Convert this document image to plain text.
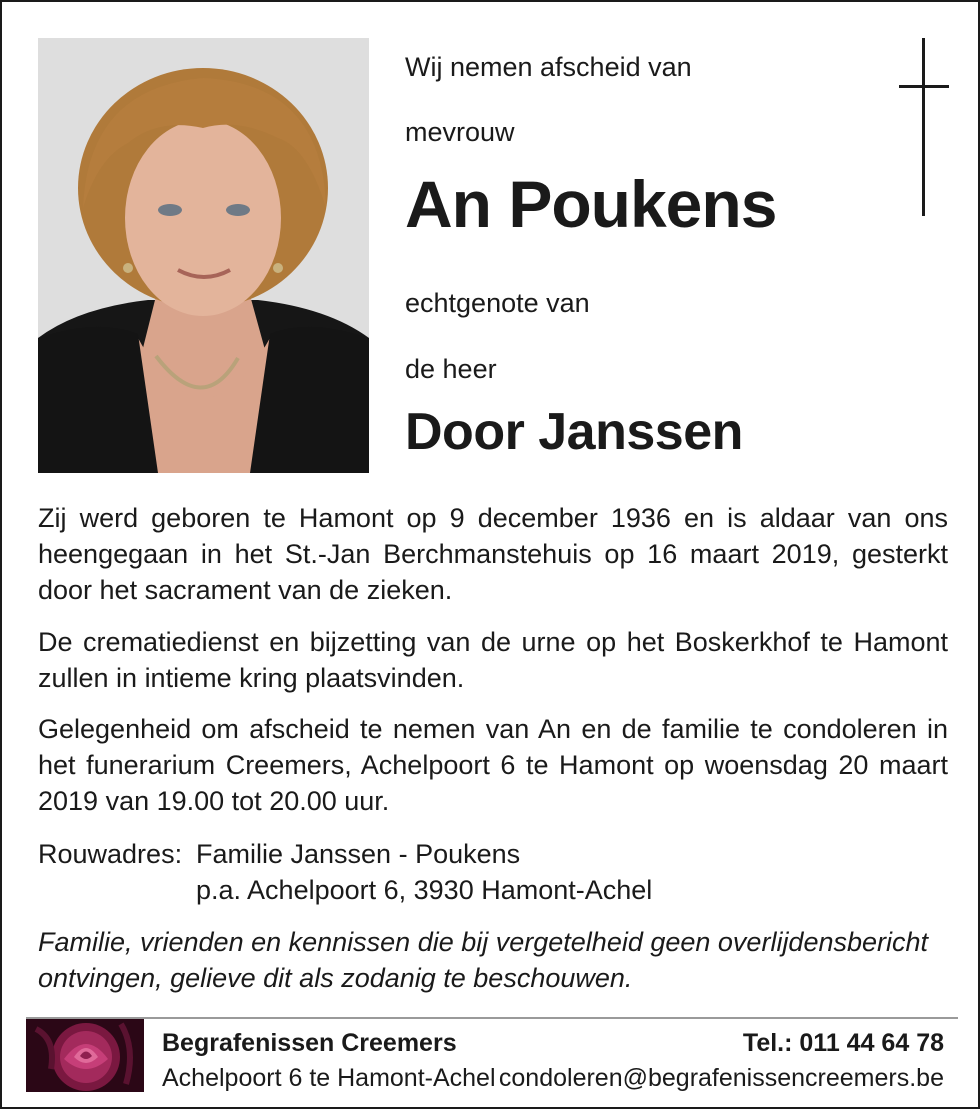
Wij nemen afscheid van
mevrouw
An Poukens
echtgenote van
de heer
Door Janssen
Zij werd geboren te Hamont op 9 december 1936 en is aldaar van ons heengegaan in het St.-Jan Berchmanstehuis op 16 maart 2019, gesterkt door het sacrament van de zieken.
De crematiedienst en bijzetting van de urne op het Boskerkhof te Hamont zullen in intieme kring plaatsvinden.
Gelegenheid om afscheid te nemen van An en de familie te condoleren in het funerarium Creemers, Achelpoort 6 te Hamont op woensdag 20 maart 2019 van 19.00 tot 20.00 uur.
Rouwadres: Familie Janssen - Poukens
p.a. Achelpoort 6, 3930 Hamont-Achel
Familie, vrienden en kennissen die bij vergetelheid geen overlijdensbericht ontvingen, gelieve dit als zodanig te beschouwen.
Begrafenissen Creemers
Achelpoort 6 te Hamont-Achel
Tel.: 011 44 64 78
condoleren@begrafenissencreemers.be
